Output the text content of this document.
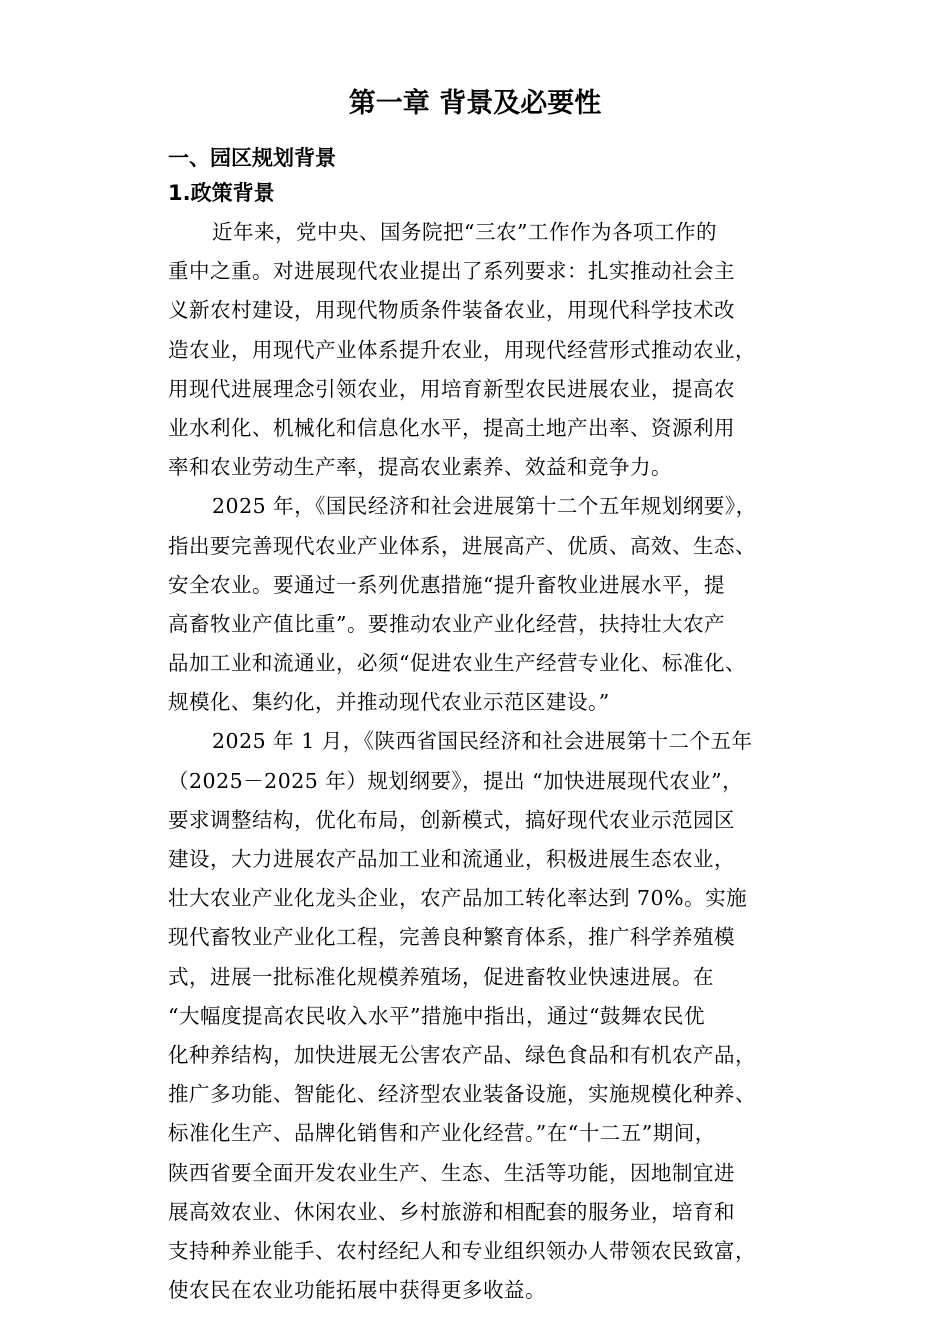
第一章 背景及必要性
一、园区规划背景
1.政策背景
近年来，党中央、国务院把“三农”工作作为各项工作的
重中之重。对进展现代农业提出了系列要求：扎实推动社会主
义新农村建设，用现代物质条件装备农业，用现代科学技术改
造农业，用现代产业体系提升农业，用现代经营形式推动农业，
用现代进展理念引领农业，用培育新型农民进展农业，提高农
业水利化、机械化和信息化水平，提高土地产出率、资源利用
率和农业劳动生产率，提高农业素养、效益和竞争力。
2025 年，《国民经济和社会进展第十二个五年规划纲要》，
指出要完善现代农业产业体系，进展高产、优质、高效、生态、
安全农业。要通过一系列优惠措施“提升畜牧业进展水平，提
高畜牧业产值比重”。要推动农业产业化经营，扶持壮大农产
品加工业和流通业，必须“促进农业生产经营专业化、标准化、
规模化、集约化，并推动现代农业示范区建设。”
2025 年 1 月，《陕西省国民经济和社会进展第十二个五年
（2025－2025 年）规划纲要》，提出 “加快进展现代农业”，
要求调整结构，优化布局，创新模式，搞好现代农业示范园区
建设，大力进展农产品加工业和流通业，积极进展生态农业，
壮大农业产业化龙头企业，农产品加工转化率达到 70%。实施
现代畜牧业产业化工程，完善良种繁育体系，推广科学养殖模
式，进展一批标准化规模养殖场，促进畜牧业快速进展。在
“大幅度提高农民收入水平”措施中指出，通过“鼓舞农民优
化种养结构，加快进展无公害农产品、绿色食品和有机农产品，
推广多功能、智能化、经济型农业装备设施，实施规模化种养、
标准化生产、品牌化销售和产业化经营。”在“十二五”期间，
陕西省要全面开发农业生产、生态、生活等功能，因地制宜进
展高效农业、休闲农业、乡村旅游和相配套的服务业，培育和
支持种养业能手、农村经纪人和专业组织领办人带领农民致富，
使农民在农业功能拓展中获得更多收益。
